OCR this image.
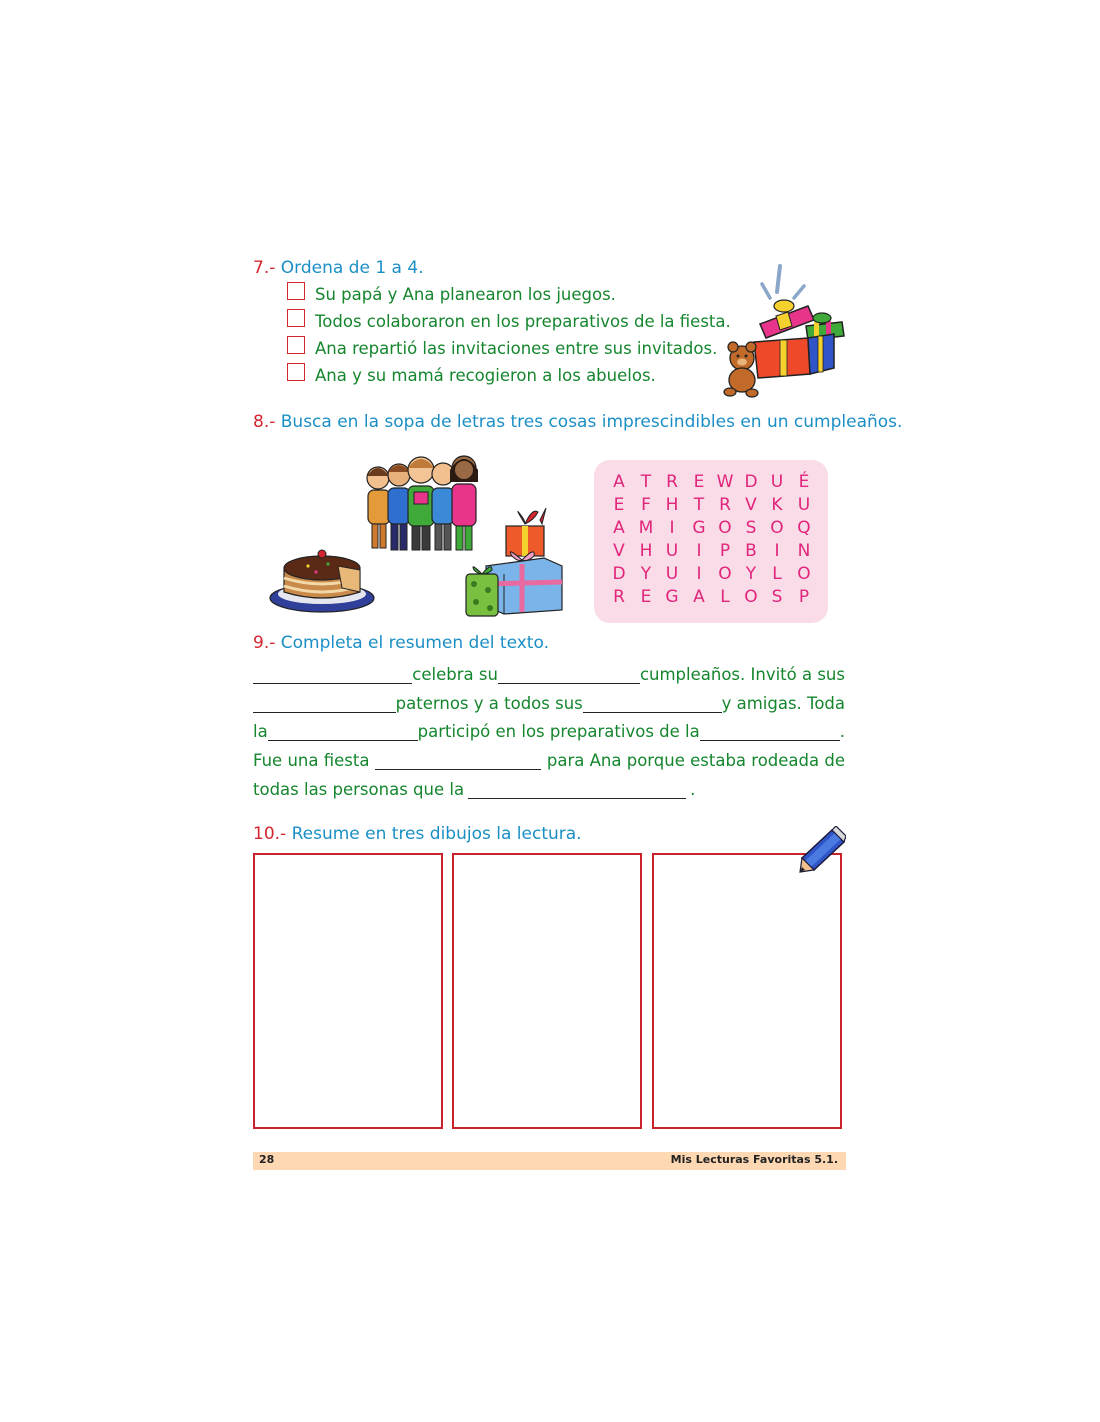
7.- Ordena de 1 a 4.
Su papá y Ana planearon los juegos.
Todos colaboraron en los preparativos de la fiesta.
Ana repartió las invitaciones entre sus invitados.
Ana y su mamá recogieron a los abuelos.
8.- Busca en la sopa de letras tres cosas imprescindibles en un cumpleaños.
A T R E W D U É
E F H T R V K U
A M I	G O S O Q
V H U	I	P B	I	N
D Y U	I O Y L O
R E G A L O S P
9.- Completa el resumen del texto.
celebra su	cumpleaños. Invitó a sus
paternos y a todos sus	y amigas. Toda
la	participó en los preparativos de la	.
Fue una fiesta	para Ana porque estaba rodeada de
todas las personas que la	.
10.- Resume en tres dibujos la lectura.
28	Mis Lecturas Favoritas 5.1.
